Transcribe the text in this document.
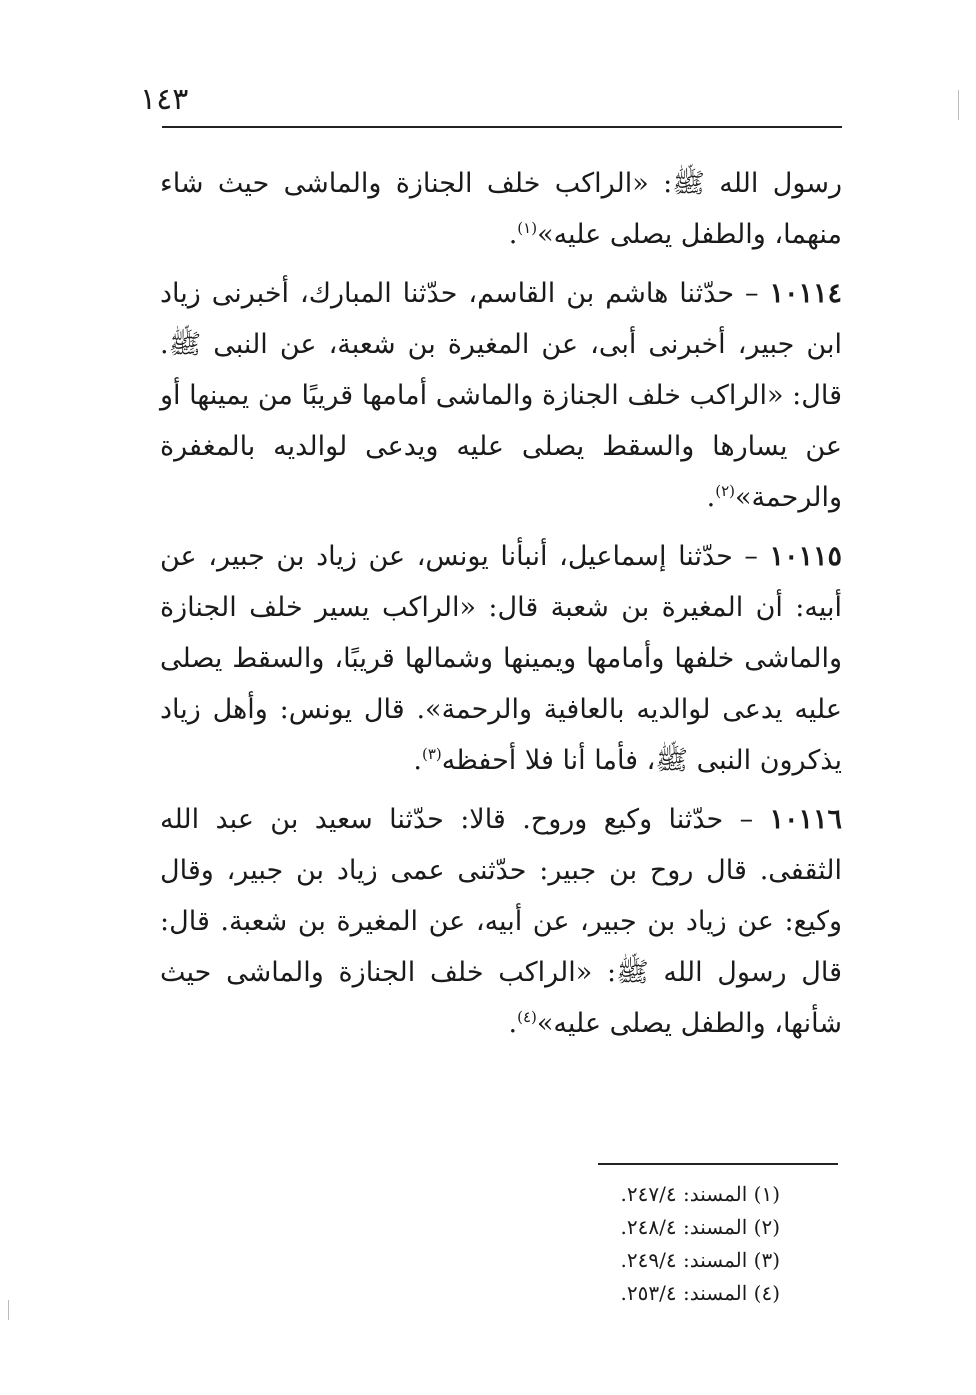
١٤٣

رسول الله ﷺ: «الراكب خلف الجنازة والماشى حيث شاء منهما، والطفل يصلى عليه»$^{(١)}$.

١٠١١٤ – حدّثنا هاشم بن القاسم، حدّثنا المبارك، أخبرنى زياد ابن جبير، أخبرنى أبى، عن المغيرة بن شعبة، عن النبى ﷺ. قال: «الراكب خلف الجنازة والماشى أمامها قريبًا من يمينها أو عن يسارها والسقط يصلى عليه ويدعى لوالديه بالمغفرة والرحمة»$^{(٢)}$.

١٠١١٥ – حدّثنا إسماعيل، أنبأنا يونس، عن زياد بن جبير، عن أبيه: أن المغيرة بن شعبة قال: «الراكب يسير خلف الجنازة والماشى خلفها وأمامها ويمينها وشمالها قريبًا، والسقط يصلى عليه يدعى لوالديه بالعافية والرحمة». قال يونس: وأهل زياد يذكرون النبى ﷺ، فأما أنا فلا أحفظه$^{(٣)}$.

١٠١١٦ – حدّثنا وكيع وروح. قالا: حدّثنا سعيد بن عبد الله الثقفى. قال روح بن جبير: حدّثنى عمى زياد بن جبير، وقال وكيع: عن زياد بن جبير، عن أبيه، عن المغيرة بن شعبة. قال: قال رسول الله ﷺ: «الراكب خلف الجنازة والماشى حيث شأنها، والطفل يصلى عليه»$^{(٤)}$.

(١) المسند: ٢٤٧/٤.

(٢) المسند: ٢٤٨/٤.

(٣) المسند: ٢٤٩/٤.

(٤) المسند: ٢٥٣/٤.
